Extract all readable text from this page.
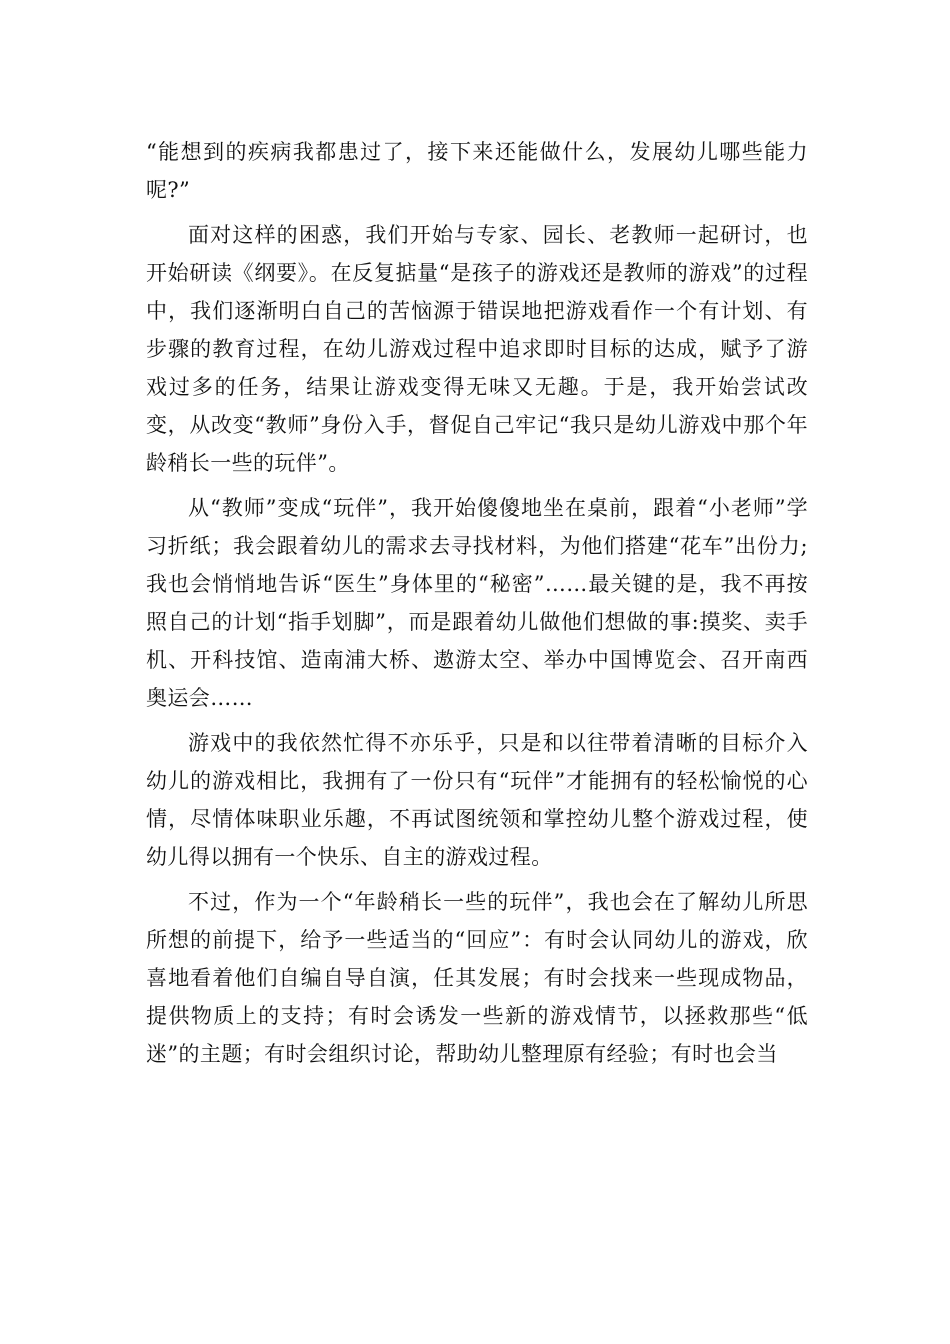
“能想到的疾病我都患过了，接下来还能做什么，发展幼儿哪些能力呢?”

面对这样的困惑，我们开始与专家、园长、老教师一起研讨，也开始研读《纲要》。在反复掂量“是孩子的游戏还是教师的游戏”的过程中，我们逐渐明白自己的苦恼源于错误地把游戏看作一个有计划、有步骤的教育过程，在幼儿游戏过程中追求即时目标的达成，赋予了游戏过多的任务，结果让游戏变得无味又无趣。于是，我开始尝试改变，从改变“教师”身份入手，督促自己牢记“我只是幼儿游戏中那个年龄稍长一些的玩伴”。

从“教师”变成“玩伴”，我开始傻傻地坐在桌前，跟着“小老师”学习折纸；我会跟着幼儿的需求去寻找材料，为他们搭建“花车”出份力;我也会悄悄地告诉“医生”身体里的“秘密”……最关键的是，我不再按照自己的计划“指手划脚”，而是跟着幼儿做他们想做的事:摸奖、卖手机、开科技馆、造南浦大桥、遨游太空、举办中国博览会、召开南西奥运会……

游戏中的我依然忙得不亦乐乎，只是和以往带着清晰的目标介入幼儿的游戏相比，我拥有了一份只有“玩伴”才能拥有的轻松愉悦的心情，尽情体味职业乐趣，不再试图统领和掌控幼儿整个游戏过程，使幼儿得以拥有一个快乐、自主的游戏过程。

不过，作为一个“年龄稍长一些的玩伴”，我也会在了解幼儿所思所想的前提下，给予一些适当的“回应”：有时会认同幼儿的游戏，欣喜地看着他们自编自导自演，任其发展；有时会找来一些现成物品，提供物质上的支持；有时会诱发一些新的游戏情节，以拯救那些“低迷”的主题；有时会组织讨论，帮助幼儿整理原有经验；有时也会当
